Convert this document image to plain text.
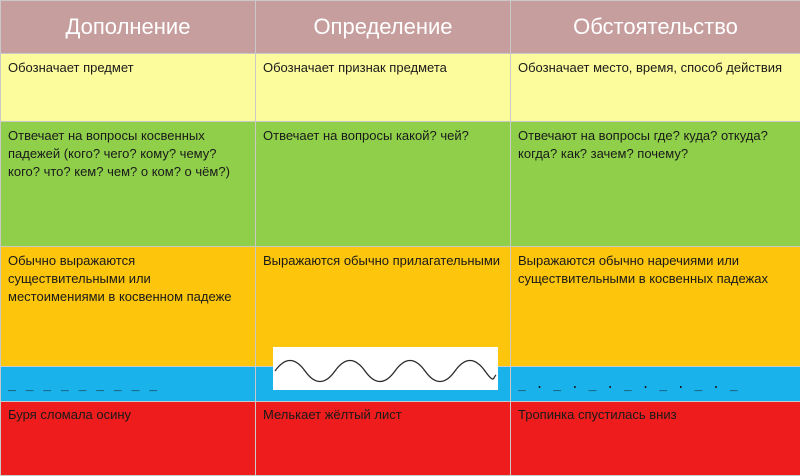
Дополнение	Определение	Обстоятельство
Обозначает предмет	Обозначает признак предмета	Обозначает место, время, способ действия
Отвечает на вопросы косвенных падежей (кого? чего? кому? чему? кого? что? кем? чем? о ком? о чём?)	Отвечает на вопросы какой? чей?	Отвечают на вопросы где? куда? откуда? когда? как? зачем? почему?
Обычно выражаются существительными или местоимениями в косвенном падеже	Выражаются обычно прилагательными	Выражаются обычно наречиями или существительными в косвенных падежах
_ _ _ _ _ _ _ _ _		_ . _ . _ . _ . _ . _ . _
Буря сломала осину	Мелькает жёлтый лист	Тропинка спустилась вниз
